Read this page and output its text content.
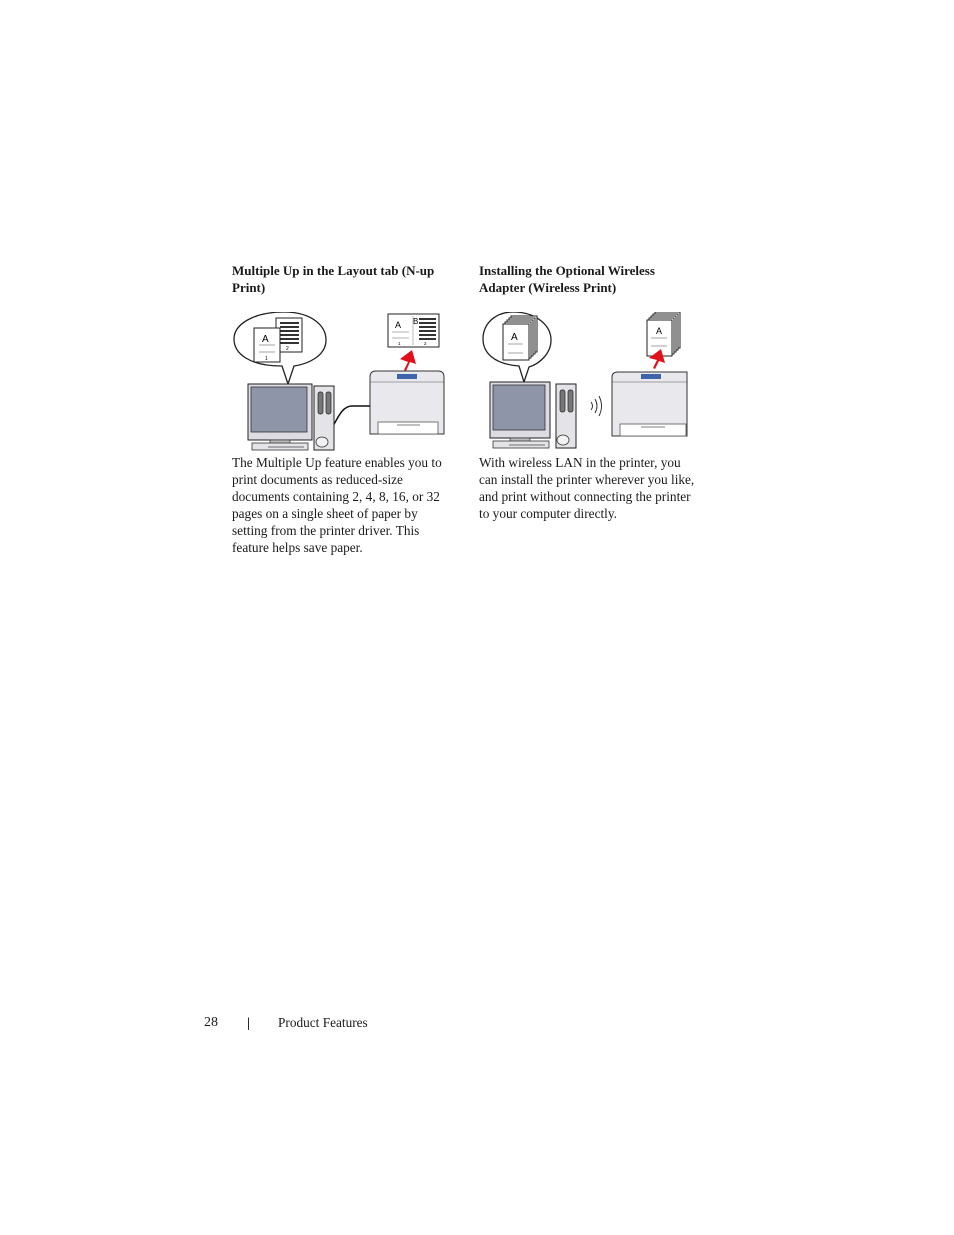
Multiple Up in the Layout tab (N-up Print)
2
A
1
A B
1	2

The Multiple Up feature enables you to print documents as reduced-size documents containing 2, 4, 8, 16, or 32 pages on a single sheet of paper by setting from the printer driver. This feature helps save paper.

Installing the Optional Wireless Adapter (Wireless Print)
A
A

With wireless LAN in the printer, you can install the printer wherever you like, and print without connecting the printer to your computer directly.

28 | Product Features
